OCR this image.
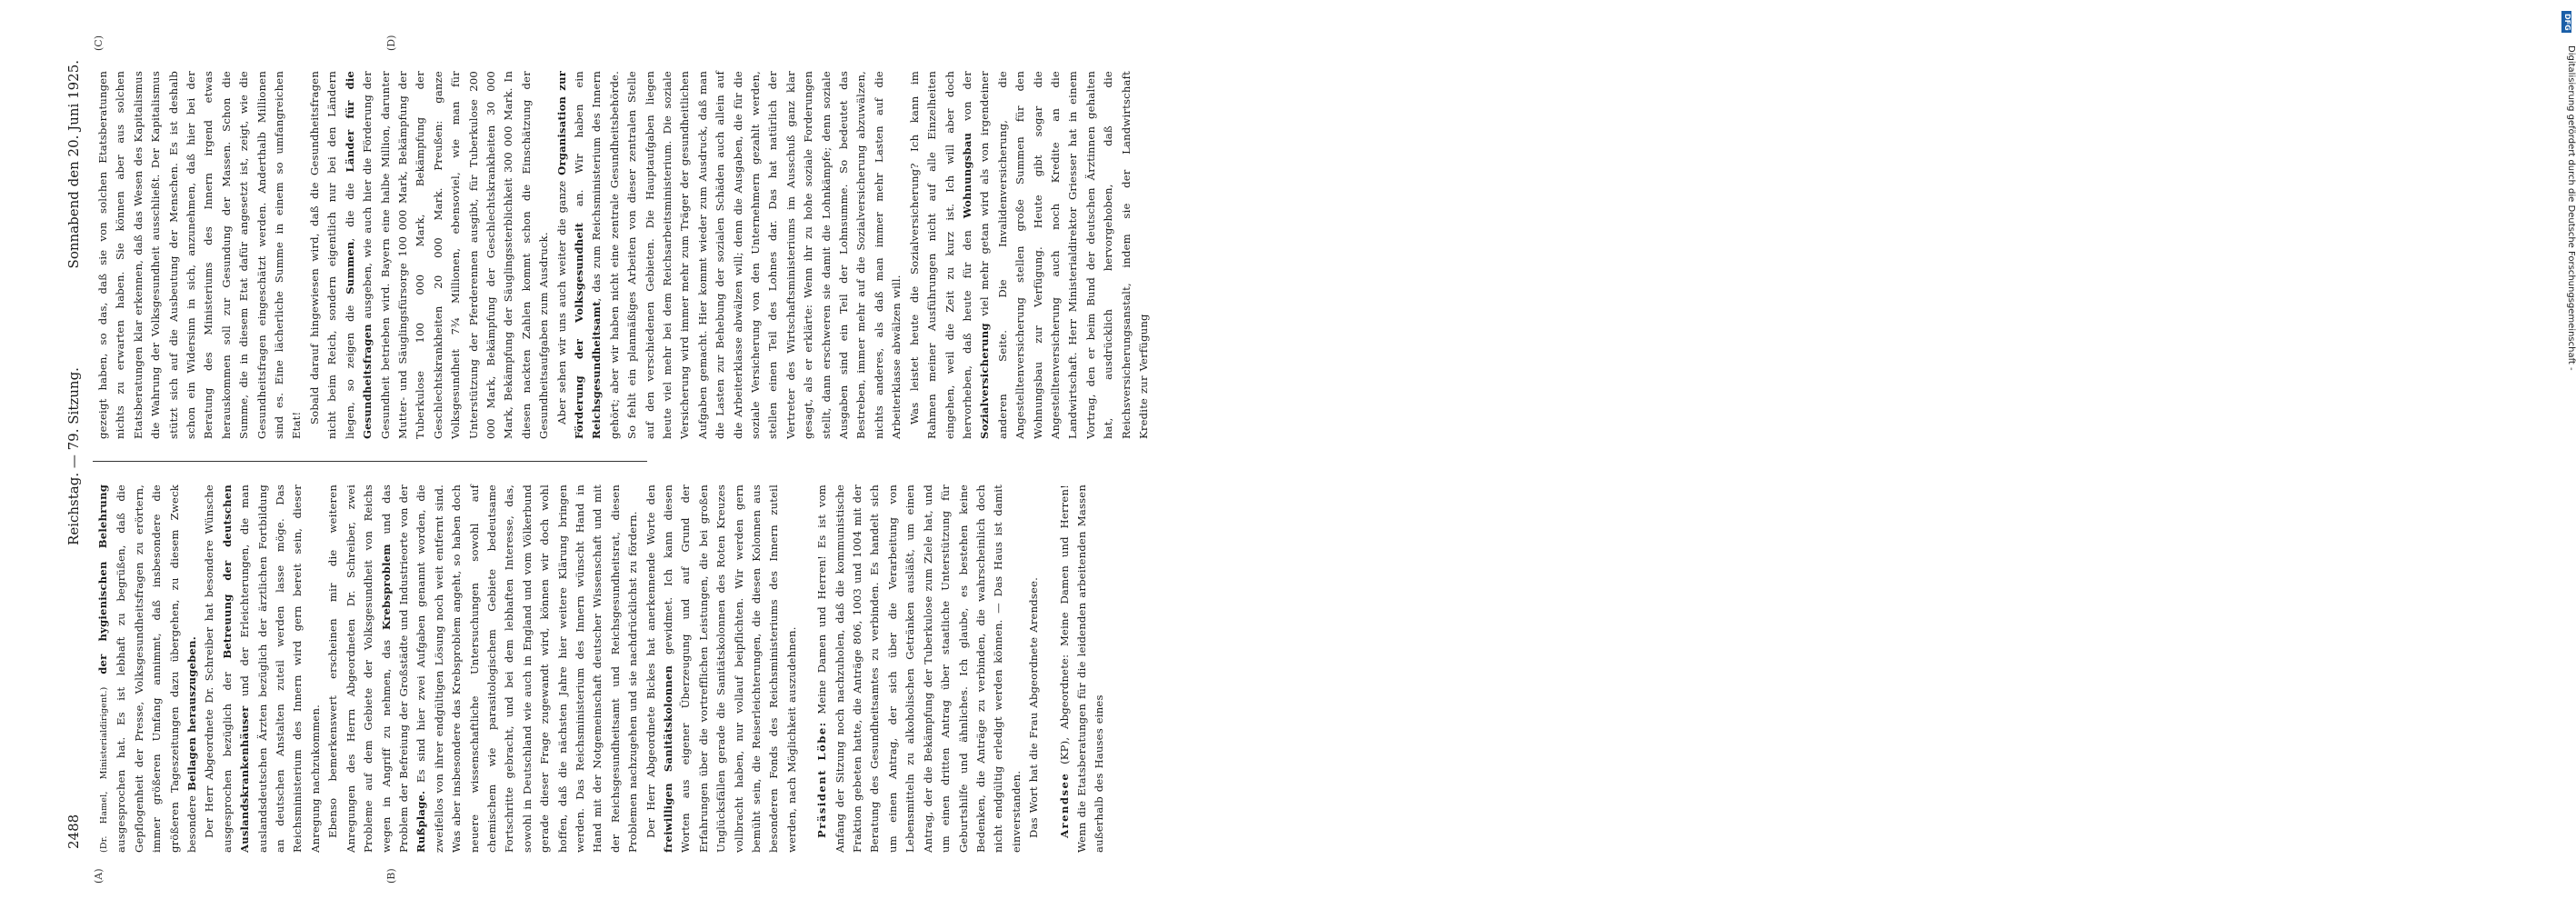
Reichstag. — 79. Sitzung.
2488
Sonnabend den 20. Juni 1925.
(A)	(B)
(C)	(D)

(Dr. Hamel, Ministerialdirigent.) der hygienischen Belehrung ausgesprochen hat. Es ist lebhaft zu begrüßen, daß die Gepflogenheit der Presse, Volksgesundheitsfragen zu erörtern, immer größeren Umfang annimmt, daß insbesondere die größeren Tageszeitungen dazu übergehen, zu diesem Zweck besondere Beilagen herauszugeben. Der Herr Abgeordnete Dr. Schreiber hat besondere Wünsche ausgesprochen bezüglich der Betreuung der deutschen Auslandskrankenhäuser und der Erleichterungen, die man auslandsdeutschen Ärzten bezüglich der ärztlichen Fortbildung an deutschen Anstalten zuteil werden lasse möge. Das Reichsministerium des Innern wird gern bereit sein, dieser Anregung nachzukommen. Ebenso bemerkenswert erscheinen mir die weiteren Anregungen des Herrn Abgeordneten Dr. Schreiber, zwei Probleme auf dem Gebiete der Volksgesundheit von Reichs wegen in Angriff zu nehmen, das Krebsproblem und das Problem der Befreiung der Großstädte und Industrieorte von der Rußplage. Es sind hier zwei Aufgaben genannt worden, die zweifellos von ihrer endgültigen Lösung noch weit entfernt sind. Was aber insbesondere das Krebsproblem angeht, so haben doch neuere wissenschaftliche Untersuchungen sowohl auf chemischem wie parasitologischem Gebiete bedeutsame Fortschritte gebracht, und bei dem lebhaften Interesse, das, sowohl in Deutschland wie auch in England und vom Völkerbund gerade dieser Frage zugewandt wird, können wir doch wohl hoffen, daß die nächsten Jahre hier weitere Klärung bringen werden. Das Reichsministerium des Innern wünscht Hand in Hand mit der Notgemeinschaft deutscher Wissenschaft und mit der Reichsgesundheitsamt und Reichsgesundheitsrat, diesen Problemen nachzugehen und sie nachdrücklichst zu fördern. Der Herr Abgeordnete Bickes hat anerkennende Worte den freiwilligen Sanitätskolonnen gewidmet. Ich kann diesen Worten aus eigener Überzeugung und auf Grund der Erfahrungen über die vortrefflichen Leistungen, die bei großen Unglücksfällen gerade die Sanitätskolonnen des Roten Kreuzes vollbracht haben, nur vollauf beipflichten. Wir werden gern bemüht sein, die Reiserleichterungen, die diesen Kolonnen aus besonderen Fonds des Reichsministeriums des Innern zuteil werden, nach Möglichkeit auszudehnen. Präsident Löbe: Meine Damen und Herren! Es ist vom Anfang der Sitzung noch nachzuholen, daß die kommunistische Fraktion gebeten hatte, die Anträge 806, 1003 und 1004 mit der Beratung des Gesundheitsamtes zu verbinden. Es handelt sich um einen Antrag, der sich über die Verarbeitung von Lebensmitteln zu alkoholischen Getränken ausläßt, um einen Antrag, der die Bekämpfung der Tuberkulose zum Ziele hat, und um einen dritten Antrag über staatliche Unterstützung für Geburtshilfe und ähnliches. Ich glaube, es bestehen keine Bedenken, die Anträge zu verbinden, die wahrscheinlich doch nicht endgültig erledigt werden können. — Das Haus ist damit einverstanden. Das Wort hat die Frau Abgeordnete Arendsee. Arendsee (KP), Abgeordnete: Meine Damen und Herren! Wenn die Etatsberatungen für die leidenden arbeitenden Massen außerhalb des Hauses eines

gezeigt haben, so das, daß sie von solchen Etatsberatungen nichts zu erwarten haben. Sie können aber aus solchen Etatsberatungen klar erkennen, daß das Wesen des Kapitalismus die Wahrung der Volksgesundheit ausschließt. Der Kapitalismus stützt sich auf die Ausbeutung der Menschen. Es ist deshalb schon ein Widersinn in sich, anzunehmen, daß hier bei der Beratung des Ministeriums des Innern irgend etwas herauskommen soll zur Gesundung der Massen. Schon die Summe, die in diesem Etat dafür angesetzt ist, zeigt, wie die Gesundheitsfragen eingeschätzt werden. Anderthalb Millionen sind es. Eine lächerliche Summe in einem so umfangreichen Etat!

Sobald darauf hingewiesen wird, daß die Gesundheitsfragen nicht beim Reich, sondern eigentlich nur bei den Ländern liegen, so zeigen die Summen, die die Länder für die Gesundheitsfragen ausgeben, wie auch hier die Förderung der Gesundheit betrieben wird. Bayern eine halbe Million, darunter Mutter- und Säuglingsfürsorge 100 000 Mark, Bekämpfung der Tuberkulose 100 000 Mark, Bekämpfung der Geschlechtskrankheiten 20 000 Mark. Preußen: ganze Volksgesundheit 7¾ Millionen, ebensoviel, wie man für Unterstützung der Pferderennen ausgibt, für Tuberkulose 200 000 Mark, Bekämpfung der Geschlechtskrankheiten 30 000 Mark, Bekämpfung der Säuglingssterblichkeit 300 000 Mark. In diesen nackten Zahlen kommt schon die Einschätzung der Gesundheitsaufgaben zum Ausdruck. Aber sehen wir uns auch weiter die ganze Organisation zur Förderung der Volksgesundheit an. Wir haben ein Reichsgesundheitsamt, das zum Reichsministerium des Innern gehört; aber wir haben nicht eine zentrale Gesundheitsbehörde. So fehlt ein planmäßiges Arbeiten von dieser zentralen Stelle auf den verschiedenen Gebieten. Die Hauptaufgaben liegen heute viel mehr bei dem Reichsarbeitsministerium. Die soziale Versicherung wird immer mehr zum Träger der gesundheitlichen Aufgaben gemacht. Hier kommt wieder zum Ausdruck, daß man die Lasten zur Behebung der sozialen Schäden auch allein auf die Arbeiterklasse abwälzen will; denn die Ausgaben, die für die soziale Versicherung von den Unternehmern gezahlt werden, stellen einen Teil des Lohnes dar. Das hat natürlich der Vertreter des Wirtschaftsministeriums im Ausschuß ganz klar gesagt, als er erklärte: Wenn ihr zu hohe soziale Forderungen stellt, dann erschweren sie damit die Lohnkämpfe; denn soziale Ausgaben sind ein Teil der Lohnsumme. So bedeutet das Bestreben, immer mehr auf die Sozialversicherung abzuwälzen, nichts anderes, als daß man immer mehr Lasten auf die Arbeiterklasse abwälzen will. Was leistet heute die Sozialversicherung? Ich kann im Rahmen meiner Ausführungen nicht auf alle Einzelheiten eingehen, weil die Zeit zu kurz ist. Ich will aber doch hervorheben, daß heute für den Wohnungsbau von der Sozialversicherung viel mehr getan wird als von irgendeiner anderen Seite. Die Invalidenversicherung, die Angestelltenversicherung stellen große Summen für den Wohnungsbau zur Verfügung. Heute gibt sogar die Angestelltenversicherung auch noch Kredite an die Landwirtschaft. Herr Ministerialdirektor Griesser hat in einem Vortrag, den er beim Bund der deutschen Ärztinnen gehalten hat, ausdrücklich hervorgehoben, daß die Reichsversicherungsanstalt, indem sie der Landwirtschaft Kredite zur Verfügung

DFG
Digitalisierung gefördert durch die Deutsche Forschungsgemeinschaft -
